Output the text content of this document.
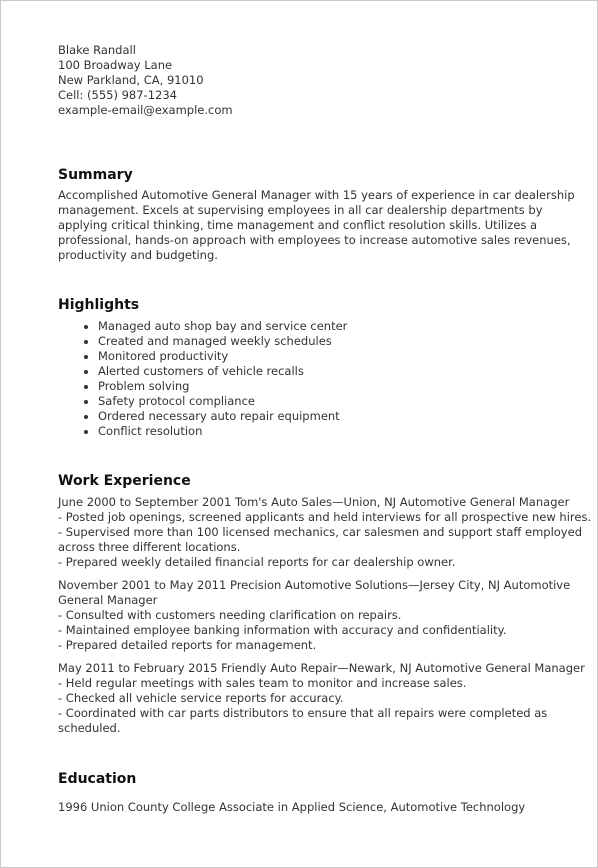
Blake Randall
100 Broadway Lane
New Parkland, CA, 91010
Cell: (555) 987-1234
example-email@example.com
Summary
Accomplished Automotive General Manager with 15 years of experience in car dealership management. Excels at supervising employees in all car dealership departments by applying critical thinking, time management and conflict resolution skills. Utilizes a professional, hands-on approach with employees to increase automotive sales revenues, productivity and budgeting.
Highlights
• Managed auto shop bay and service center
• Created and managed weekly schedules
• Monitored productivity
• Alerted customers of vehicle recalls
• Problem solving
• Safety protocol compliance
• Ordered necessary auto repair equipment
• Conflict resolution
Work Experience
June 2000 to September 2001 Tom's Auto Sales—Union, NJ Automotive General Manager
- Posted job openings, screened applicants and held interviews for all prospective new hires.
- Supervised more than 100 licensed mechanics, car salesmen and support staff employed across three different locations.
- Prepared weekly detailed financial reports for car dealership owner.
November 2001 to May 2011 Precision Automotive Solutions—Jersey City, NJ Automotive General Manager
- Consulted with customers needing clarification on repairs.
- Maintained employee banking information with accuracy and confidentiality.
- Prepared detailed reports for management.
May 2011 to February 2015 Friendly Auto Repair—Newark, NJ Automotive General Manager
- Held regular meetings with sales team to monitor and increase sales.
- Checked all vehicle service reports for accuracy.
- Coordinated with car parts distributors to ensure that all repairs were completed as scheduled.
Education
1996 Union County College Associate in Applied Science, Automotive Technology
